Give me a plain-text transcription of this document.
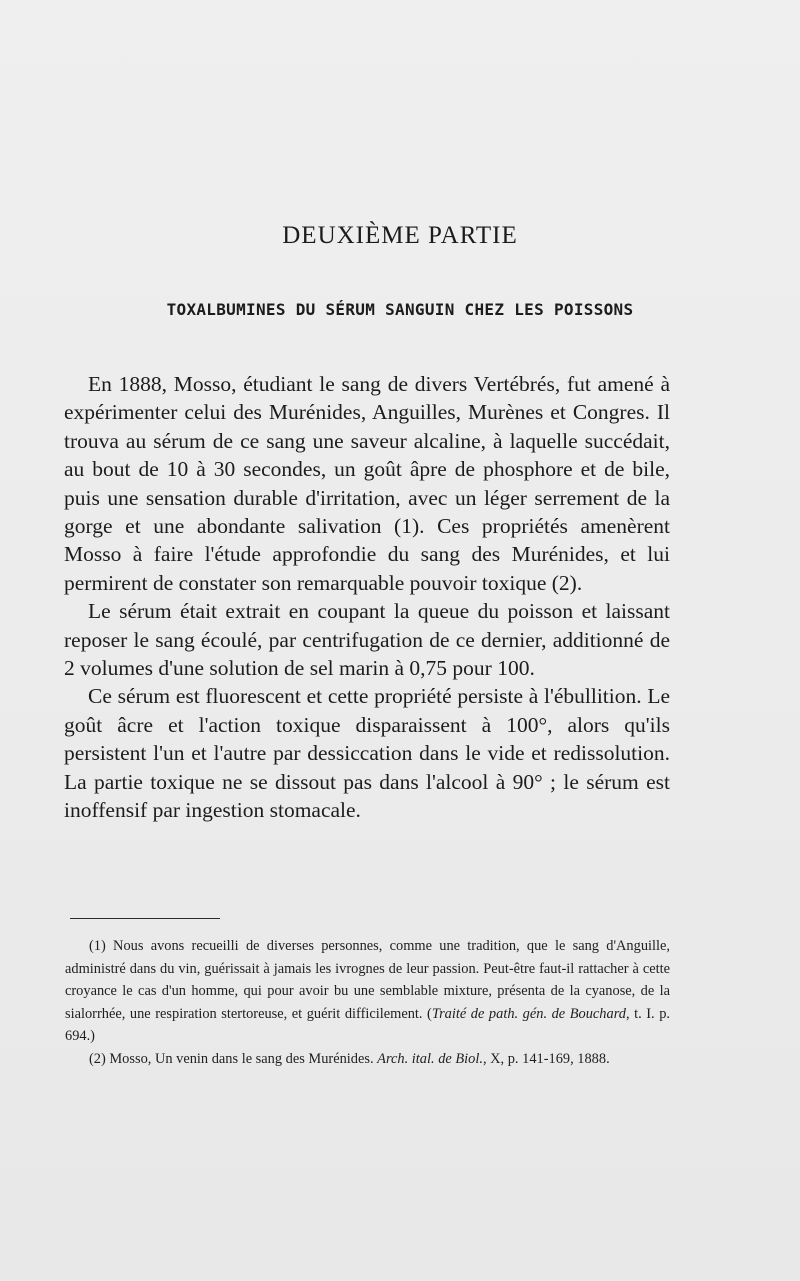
DEUXIÈME PARTIE
TOXALBUMINES DU SÉRUM SANGUIN CHEZ LES POISSONS

En 1888, Mosso, étudiant le sang de divers Vertébrés, fut amené à expérimenter celui des Murénides, Anguilles, Murènes et Congres. Il trouva au sérum de ce sang une saveur alcaline, à laquelle succédait, au bout de 10 à 30 secondes, un goût âpre de phosphore et de bile, puis une sensation durable d'irritation, avec un léger serrement de la gorge et une abondante salivation (1). Ces propriétés amenèrent Mosso à faire l'étude approfondie du sang des Murénides, et lui permirent de constater son remarquable pouvoir toxique (2).

Le sérum était extrait en coupant la queue du poisson et laissant reposer le sang écoulé, par centrifugation de ce dernier, additionné de 2 volumes d'une solution de sel marin à 0,75 pour 100.

Ce sérum est fluorescent et cette propriété persiste à l'ébullition. Le goût âcre et l'action toxique disparaissent à 100°, alors qu'ils persistent l'un et l'autre par dessiccation dans le vide et redissolution. La partie toxique ne se dissout pas dans l'alcool à 90° ; le sérum est inoffensif par ingestion stomacale.

(1) Nous avons recueilli de diverses personnes, comme une tradition, que le sang d'Anguille, administré dans du vin, guérissait à jamais les ivrognes de leur passion. Peut-être faut-il rattacher à cette croyance le cas d'un homme, qui pour avoir bu une semblable mixture, présenta de la cyanose, de la sialorrhée, une respiration stertoreuse, et guérit difficilement. (Traité de path. gén. de Bouchard, t. I. p. 694.)

(2) Mosso, Un venin dans le sang des Murénides. Arch. ital. de Biol., X, p. 141-169, 1888.
